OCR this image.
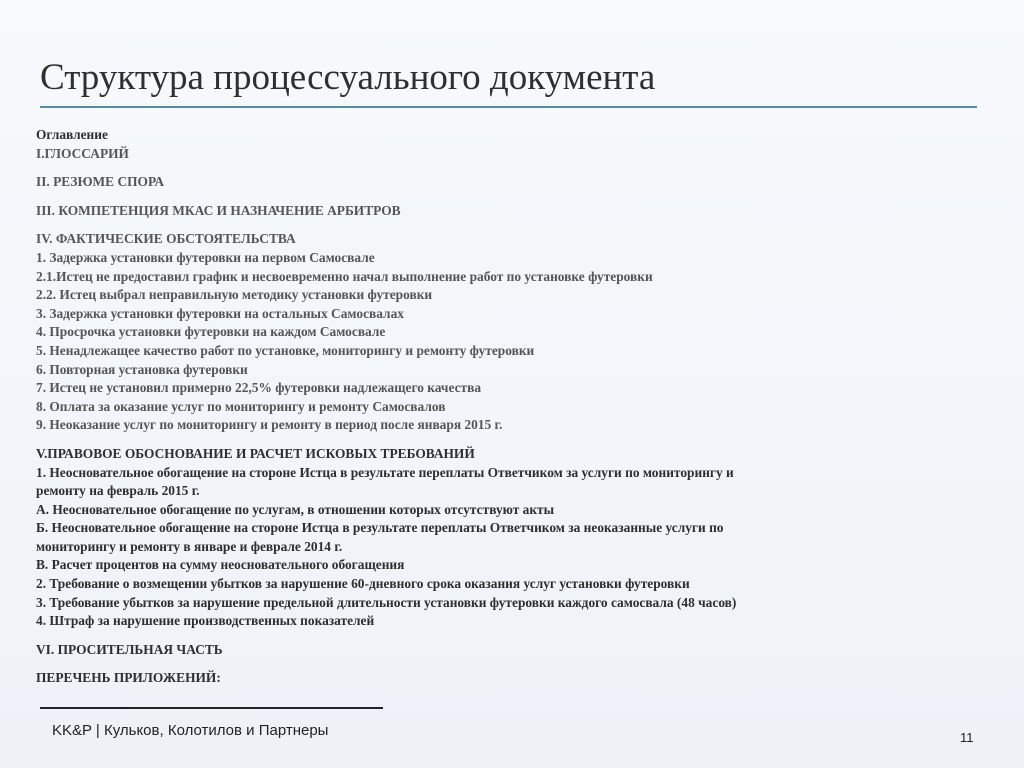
Структура процессуального документа
Оглавление
I.ГЛОССАРИЙ
II. РЕЗЮМЕ СПОРА
III. КОМПЕТЕНЦИЯ МКАС И НАЗНАЧЕНИЕ АРБИТРОВ
IV. ФАКТИЧЕСКИЕ ОБСТОЯТЕЛЬСТВА
1. Задержка установки футеровки на первом Самосвале
2.1.Истец не предоставил график и несвоевременно начал выполнение работ по установке футеровки
2.2. Истец выбрал неправильную методику установки футеровки
3. Задержка установки футеровки на остальных Самосвалах
4. Просрочка установки футеровки на каждом Самосвале
5. Ненадлежащее качество работ по установке, мониторингу и ремонту футеровки
6. Повторная установка футеровки
7. Истец не установил примерно 22,5% футеровки надлежащего качества
8. Оплата за оказание услуг по мониторингу и ремонту Самосвалов
9. Неоказание услуг по мониторингу и ремонту в период после января 2015 г.
V.ПРАВОВОЕ ОБОСНОВАНИЕ И РАСЧЕТ ИСКОВЫХ ТРЕБОВАНИЙ
1. Неосновательное обогащение на стороне Истца в результате переплаты Ответчиком за услуги по мониторингу и
ремонту на февраль 2015 г.
А. Неосновательное обогащение по услугам, в отношении которых отсутствуют акты
Б. Неосновательное обогащение на стороне Истца в результате переплаты Ответчиком за неоказанные услуги по
мониторингу и ремонту в январе и феврале 2014 г.
В. Расчет процентов на сумму неосновательного обогащения
2. Требование о возмещении убытков за нарушение 60-дневного срока оказания услуг установки футеровки
3. Требование убытков за нарушение предельной длительности установки футеровки каждого самосвала (48 часов)
4. Штраф за нарушение производственных показателей
VI. ПРОСИТЕЛЬНАЯ ЧАСТЬ
ПЕРЕЧЕНЬ ПРИЛОЖЕНИЙ:
KK&P | Кульков, Колотилов и Партнеры	11
